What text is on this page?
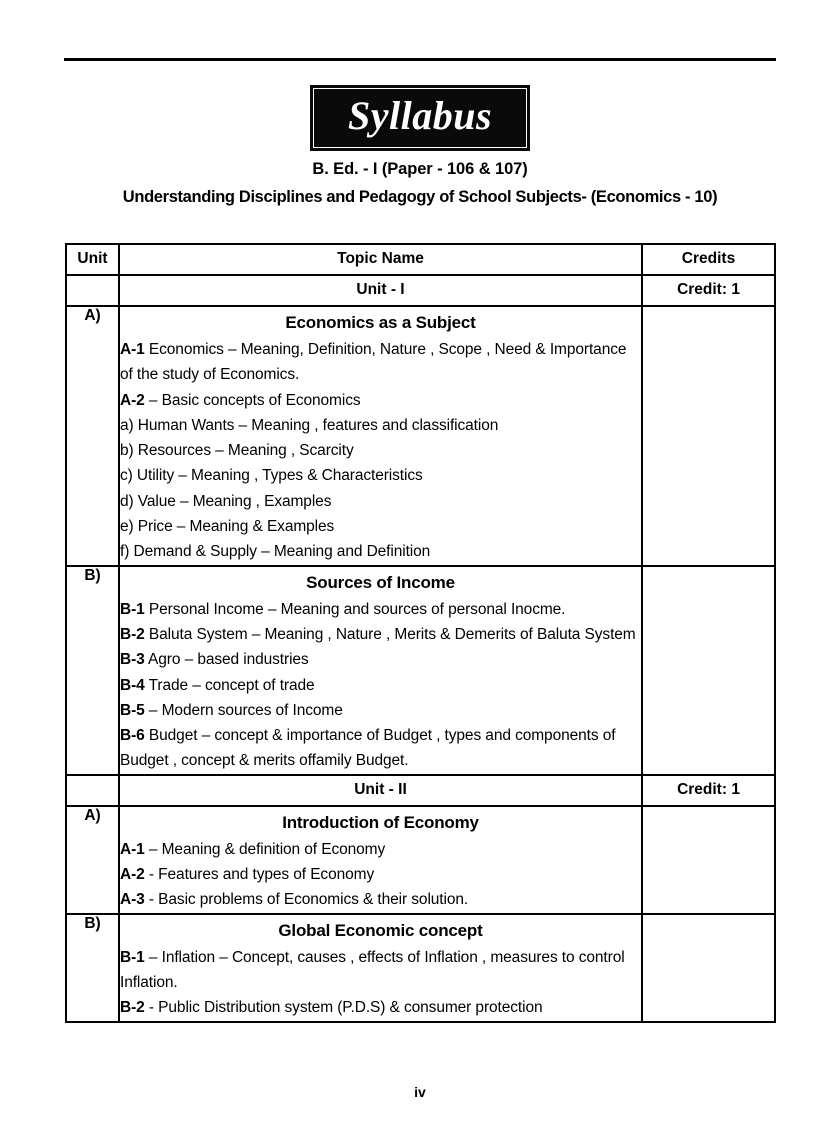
Syllabus
B. Ed. - I (Paper - 106 & 107)
Understanding Disciplines and Pedagogy of School Subjects- (Economics - 10)
Unit	Topic Name	Credits
	Unit - I	Credit: 1
A)	Economics as a Subject
A-1 Economics – Meaning, Definition, Nature , Scope , Need & Importance of the study of Economics.
A-2 – Basic concepts of Economics
a) Human Wants – Meaning , features and classification
b) Resources – Meaning , Scarcity
c) Utility – Meaning , Types & Characteristics
d) Value – Meaning , Examples
e) Price – Meaning & Examples
f) Demand & Supply – Meaning and Definition

B)	Sources of Income
B-1 Personal Income – Meaning and sources of personal Inocme.
B-2 Baluta System – Meaning , Nature , Merits & Demerits of Baluta System
B-3 Agro – based industries
B-4 Trade – concept of trade
B-5 – Modern sources of Income
B-6 Budget – concept & importance of Budget , types and components of Budget , concept & merits offamily Budget.

	Unit - II	Credit: 1
A)	Introduction of Economy
A-1 – Meaning & definition of Economy
A-2 - Features and types of Economy
A-3 - Basic problems of Economics & their solution.	

B)	Global Economic concept
B-1 – Inflation – Concept, causes , effects of Inflation , measures to control Inflation.
B-2 - Public Distribution system (P.D.S) & consumer protection	

iv
